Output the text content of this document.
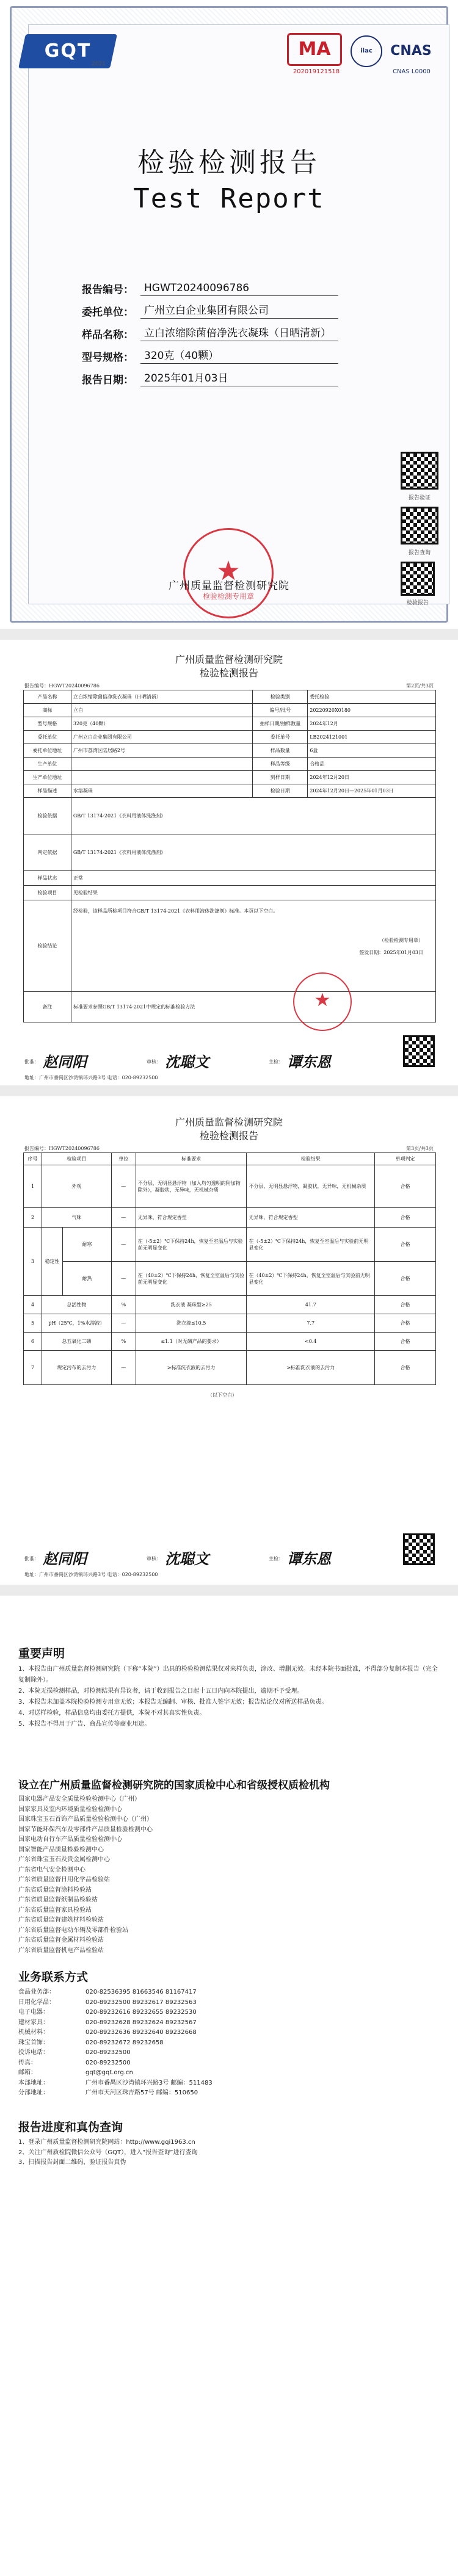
GQT
2021
MA
202019121518
ilac	CNAS
CNAS L0000
检验检测报告
Test Report
报告编号：	HGWT20240096786
委托单位：	广州立白企业集团有限公司
样品名称：	立白浓缩除菌倍净洗衣凝珠（日晒清新）
型号规格：	320克（40颗）
报告日期：	2025年01月03日
报告验证
报告查询
检验报告
★
检验检测专用章
广州质量监督检测研究院
广州质量监督检测研究院
检验检测报告
报告编号：HGWT20240096786	第2页/共3页
产品名称	立白浓缩除菌倍净洗衣凝珠（日晒清新）	检验类别	委托检验
商标	立白	编号/批号	20220920X0180
型号规格	320克（40颗）	抽样日期/抽样数量	2024年12月
委托单位	广州立白企业集团有限公司	委托单号	LB2024121001
委托单位地址	广州市荔湾区陆居路2号	样品数量	6盒
生产单位		样品等级	合格品
生产单位地址		到样日期	2024年12月20日
样品描述	水溶凝珠	检验日期	2024年12月20日—2025年01月03日
检验依据	GB/T 13174-2021《衣料用液体洗涤剂》		
判定依据	GB/T 13174-2021《衣料用液体洗涤剂》		
样品状态	正常		
检验项目	见检验结果		
检验结论	经检验，该样品所检项目符合GB/T 13174-2021《衣料用液体洗涤剂》标准。本页以下空白。
（检验检测专用章）
签发日期：2025年01月03日		

备注	标准要求参照GB/T 13174-2021中规定的标准检验方法			★
批准： 赵同阳	审核： 沈聪文	主检： 谭东恩
地址：广州市番禺区沙湾镇环兴路3号 电话：020-89232500
广州质量监督检测研究院
检验检测报告
报告编号：HGWT20240096786	第3页/共3页
序号	检验项目		单位	标准要求	检验结果	单项判定
1	外观		—	不分层，无明显悬浮物（加入均匀透明的附加物除外），凝胶状，无异味，无机械杂质	不分层，无明显悬浮物，凝胶状，无异味，无机械杂质	合格
2	气味		—	无异味，符合规定香型	无异味，符合规定香型	合格
3	稳定性	耐寒	—	在（-5±2）℃下保持24h，恢复至室温后与实验前无明显变化	在（-5±2）℃下保持24h，恢复至室温后与实验前无明显变化	合格
		耐热	—	在（40±2）℃下保持24h，恢复至室温后与实验前无明显变化	在（40±2）℃下保持24h，恢复至室温后与实验前无明显变化	合格
4	总活性物		%	洗衣液 凝珠型≥25	41.7	合格
5	pH（25℃，1%水溶液）		—	洗衣液≤10.5	7.7	合格
6	总五氧化二磷		%	≤1.1（对无磷产品的要求）	<0.4	合格
7	规定污布的去污力		—	≥标准洗衣液的去污力	≥标准洗衣液的去污力	合格
（以下空白）
批准： 赵同阳	审核： 沈聪文	主检： 谭东恩
地址：广州市番禺区沙湾镇环兴路3号 电话：020-89232500
重要声明
1、本报告由广州质量监督检测研究院（下称“本院”）出具的检验检测结果仅对来样负责，涂改、增删无效。未经本院书面批准，不得部分复制本报告（完全复制除外）。
2、本院无损检测样品，对检测结果有异议者，请于收到报告之日起十五日内向本院提出，逾期不予受理。
3、本报告未加盖本院检验检测专用章无效；本报告无编制、审核、批准人签字无效；报告结论仅对所送样品负责。
4、对送样检验，样品信息均由委托方提供，本院不对其真实性负责。
5、本报告不得用于广告、商品宣传等商业用途。
设立在广州质量监督检测研究院的国家质检中心和省级授权质检机构
国家电器产品安全质量检验检测中心（广州）
国家家具及室内环境质量检验检测中心
国家珠宝玉石首饰产品质量检验检测中心（广州）
国家节能环保汽车及零部件产品质量检验检测中心
国家电动自行车产品质量检验检测中心
国家智能产品质量检验检测中心
广东省珠宝玉石及贵金属检测中心
广东省电气安全检测中心
广东省质量监督日用化学品检验站
广东省质量监督涂料检验站
广东省质量监督纸制品检验站
广东省质量监督家具检验站
广东省质量监督建筑材料检验站
广东省质量监督电动车辆及零部件检验站
广东省质量监督金属材料检验站
广东省质量监督机电产品检验站
业务联系方式
食品业务部：	020-82536395 81663546 81167417
日用化学品：	020-89232500 89232617 89232563
电子电器：	020-89232616 89232655 89232530
建材家具：	020-89232628 89232624 89232567
机械材料：	020-89232636 89232640 89232668
珠宝首饰：	020-89232672 89232658
投诉电话：	020-89232500
传真：	020-89232500
邮箱：	gqt@gqt.org.cn
本部地址：	广州市番禺区沙湾镇环兴路3号 邮编：511483
分部地址：	广州市天河区珠吉路57号 邮编：510650
报告进度和真伪查询
1、登录广州质量监督检测研究院网站：http://www.gqi1963.cn
2、关注广州质检院微信公众号（GQT），进入“报告查询”进行查询
3、扫描报告封面二维码，验证报告真伪
